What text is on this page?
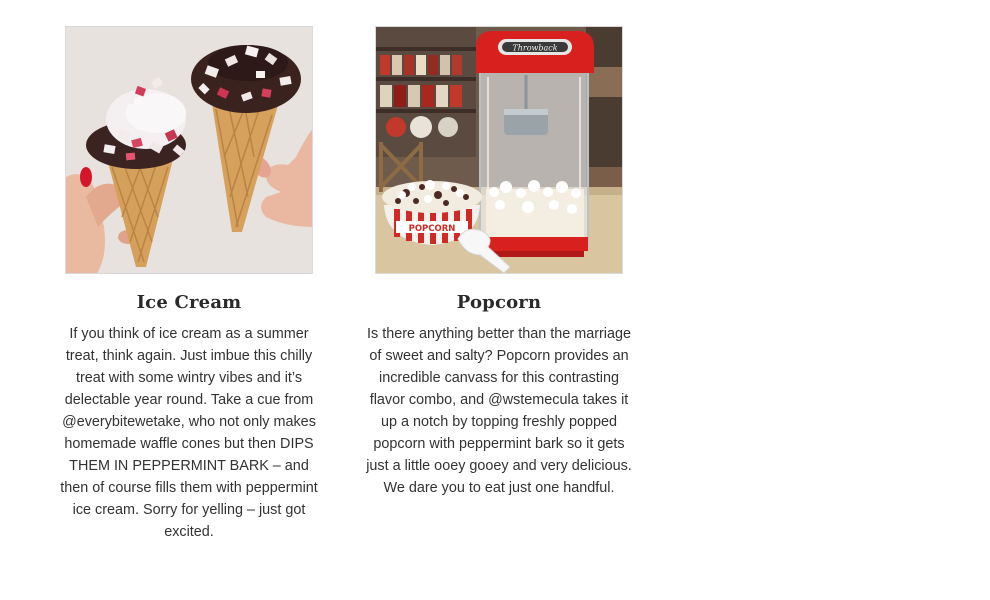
Ice Cream
If you think of ice cream as a summer treat, think again. Just imbue this chilly treat with some wintry vibes and it’s delectable year round. Take a cue from @everybitewetake, who not only makes homemade waffle cones but then DIPS THEM IN PEPPERMINT BARK – and then of course fills them with peppermint ice cream. Sorry for yelling – just got excited.
Throwback
POPCORN
Popcorn
Is there anything better than the marriage of sweet and salty? Popcorn provides an incredible canvass for this contrasting flavor combo, and @wstemecula takes it up a notch by topping freshly popped popcorn with peppermint bark so it gets just a little ooey gooey and very delicious. We dare you to eat just one handful.
